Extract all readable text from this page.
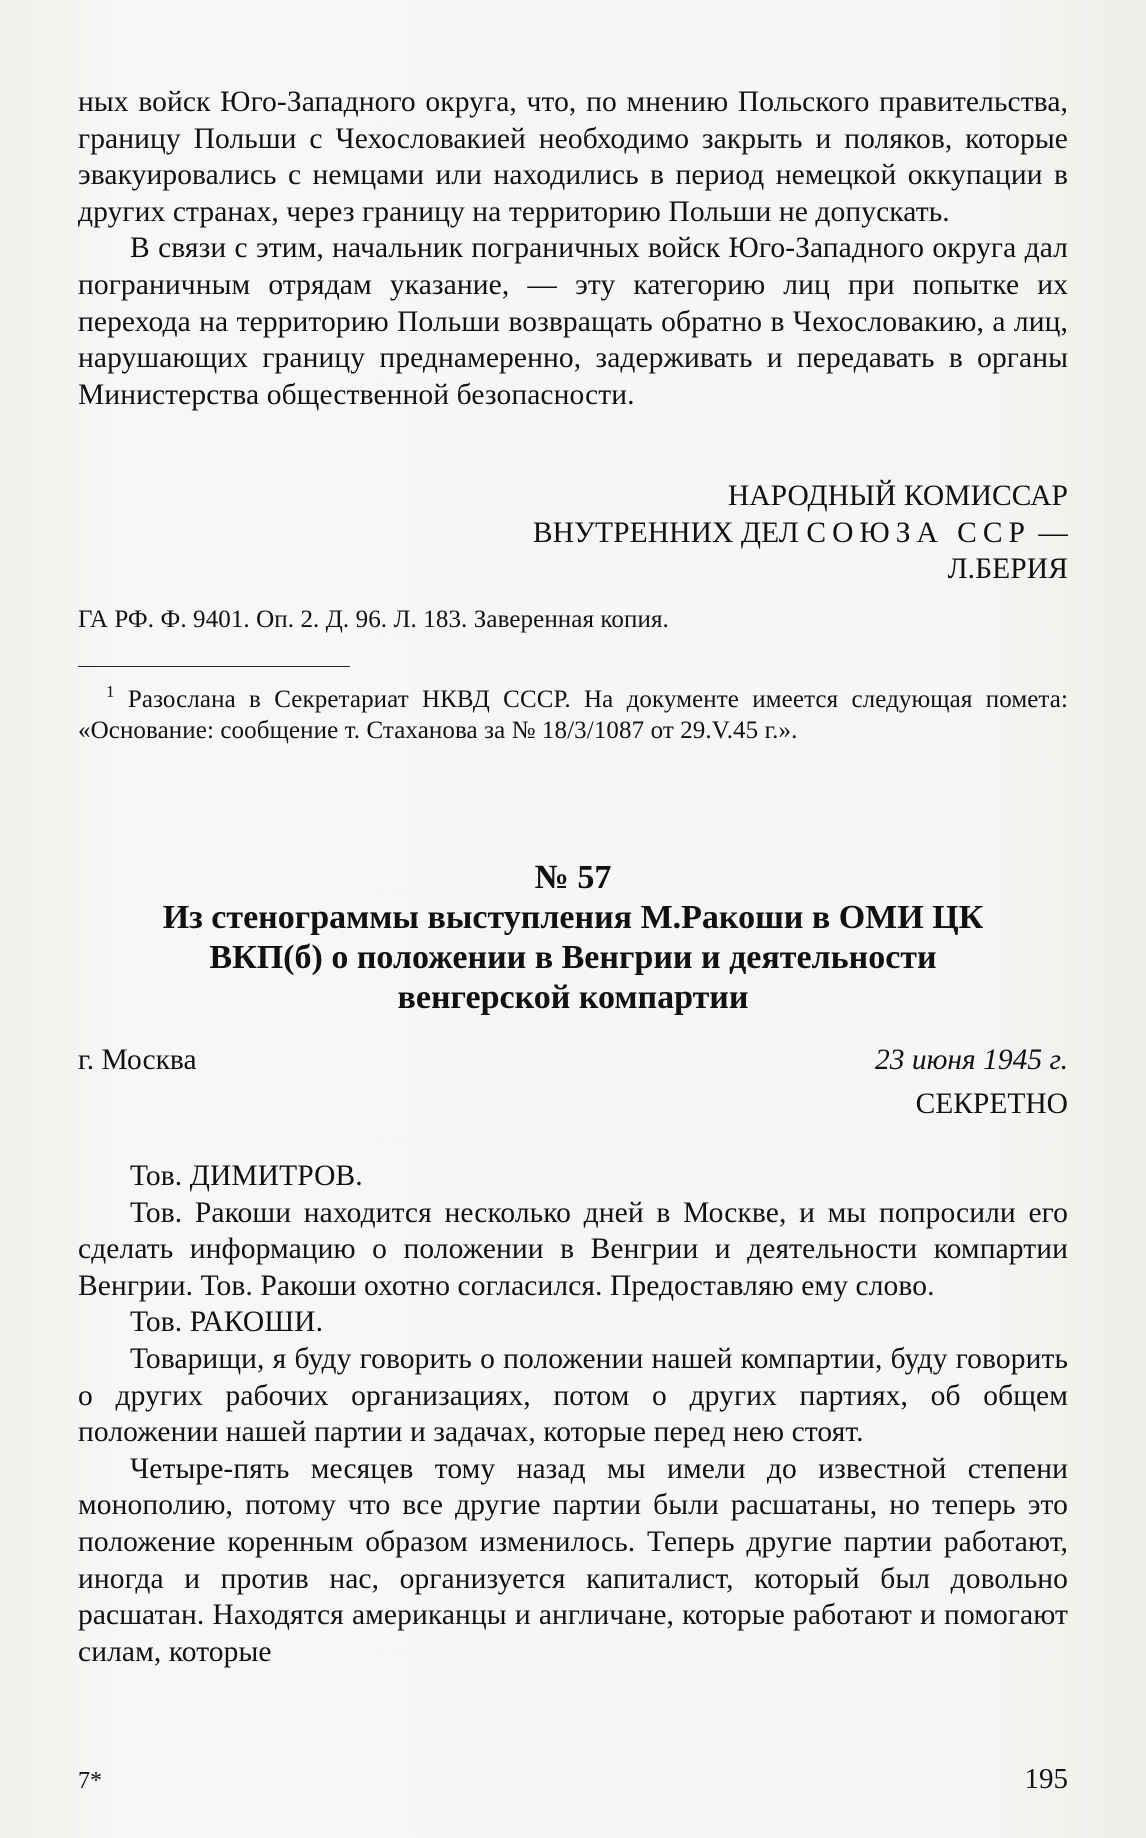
ных войск Юго-Западного округа, что, по мнению Польского правительства, границу Польши с Чехословакией необходимо закрыть и поляков, которые эвакуировались с немцами или находились в период немецкой оккупации в других странах, через границу на территорию Польши не допускать.
В связи с этим, начальник пограничных войск Юго-Западного округа дал пограничным отрядам указание, — эту категорию лиц при попытке их перехода на территорию Польши возвращать обратно в Чехословакию, а лиц, нарушающих границу преднамеренно, задерживать и передавать в органы Министерства общественной безопасности.
НАРОДНЫЙ КОМИССАР
ВНУТРЕННИХ ДЕЛ СОЮЗА ССР —
Л.БЕРИЯ
ГА РФ. Ф. 9401. Оп. 2. Д. 96. Л. 183. Заверенная копия.
$^1$ Разослана в Секретариат НКВД СССР. На документе имеется следующая помета: «Основание: сообщение т. Стаханова за № 18/3/1087 от 29.V.45 г.».
№ 57
Из стенограммы выступления М.Ракоши в ОМИ ЦК
ВКП(б) о положении в Венгрии и деятельности
венгерской компартии
г. Москва	23 июня 1945 г.
СЕКРЕТНО
Тов. ДИМИТРОВ.
Тов. Ракоши находится несколько дней в Москве, и мы попросили его сделать информацию о положении в Венгрии и деятельности компартии Венгрии. Тов. Ракоши охотно согласился. Предоставляю ему слово.
Тов. РАКОШИ.
Товарищи, я буду говорить о положении нашей компартии, буду говорить о других рабочих организациях, потом о других партиях, об общем положении нашей партии и задачах, которые перед нею стоят.
Четыре-пять месяцев тому назад мы имели до известной степени монополию, потому что все другие партии были расшатаны, но теперь это положение коренным образом изменилось. Теперь другие партии работают, иногда и против нас, организуется капиталист, который был довольно расшатан. Находятся американцы и англичане, которые работают и помогают силам, которые
7*	195
